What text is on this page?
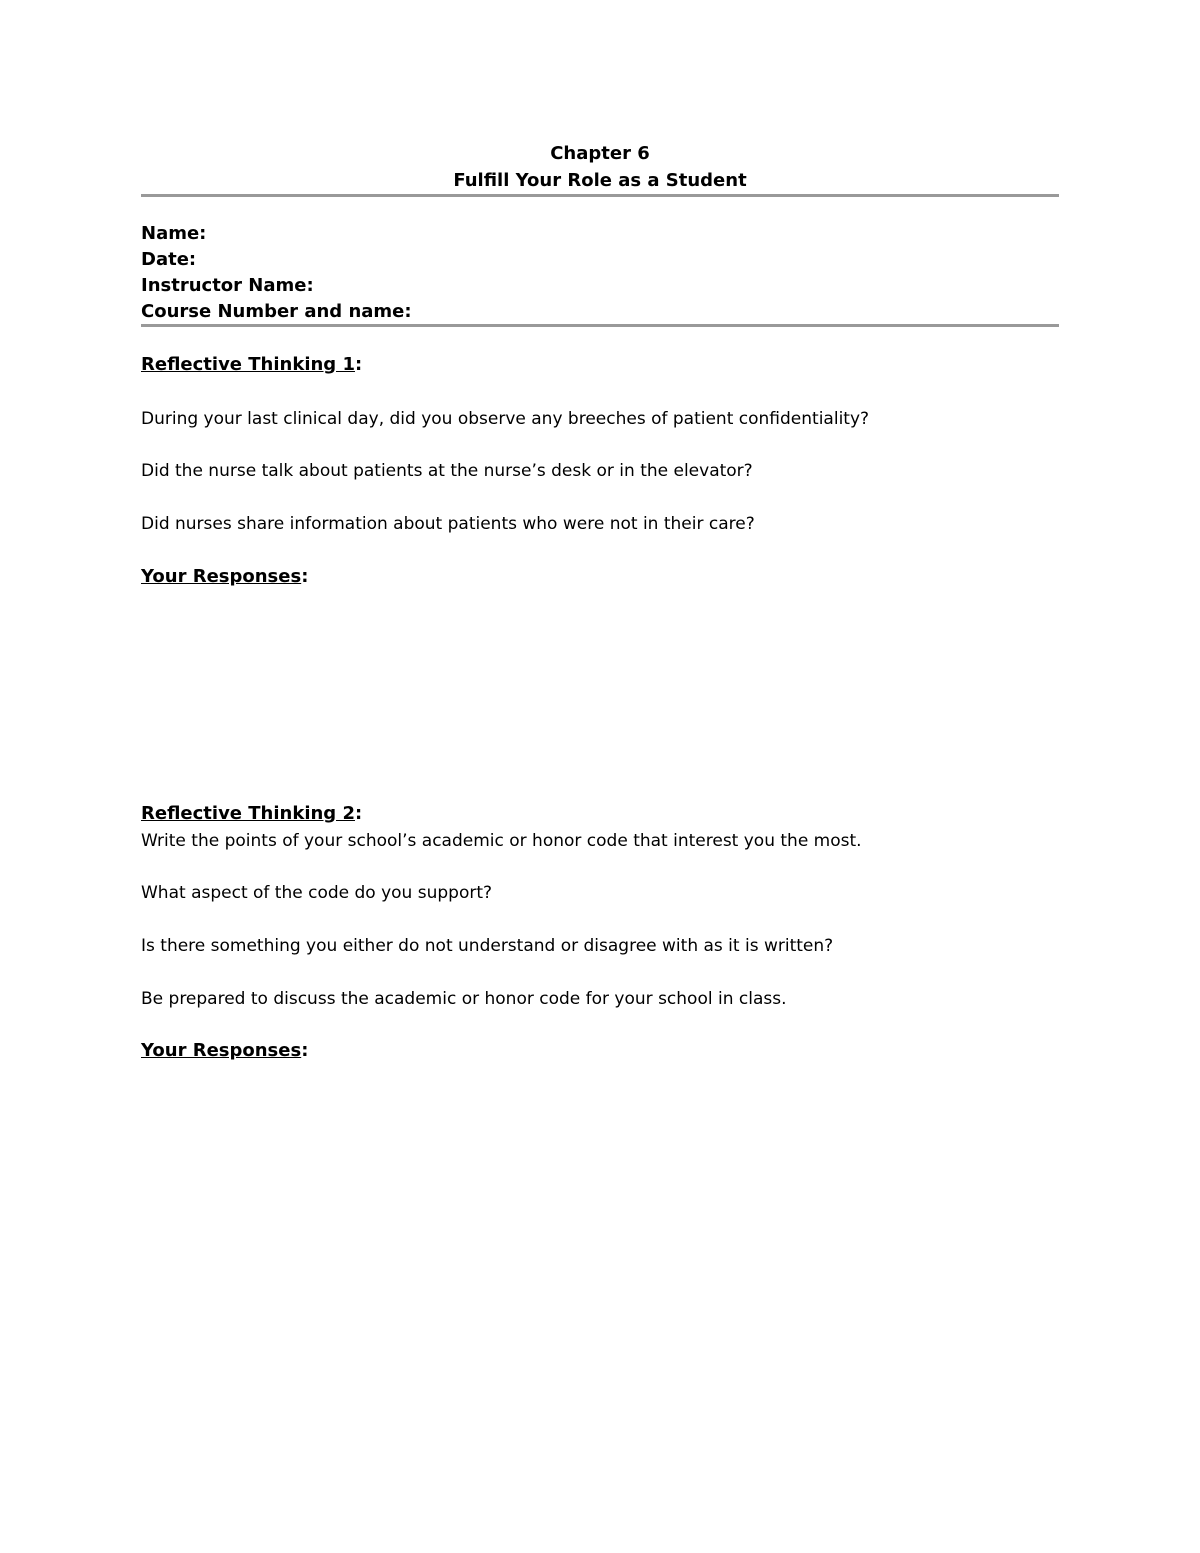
Chapter 6
Fulfill Your Role as a Student
Name:
Date:
Instructor Name:
Course Number and name:
Reflective Thinking 1:
During your last clinical day, did you observe any breeches of patient confidentiality?
Did the nurse talk about patients at the nurse’s desk or in the elevator?
Did nurses share information about patients who were not in their care?
Your Responses:
Reflective Thinking 2:
Write the points of your school’s academic or honor code that interest you the most.
What aspect of the code do you support?
Is there something you either do not understand or disagree with as it is written?
Be prepared to discuss the academic or honor code for your school in class.
Your Responses:
